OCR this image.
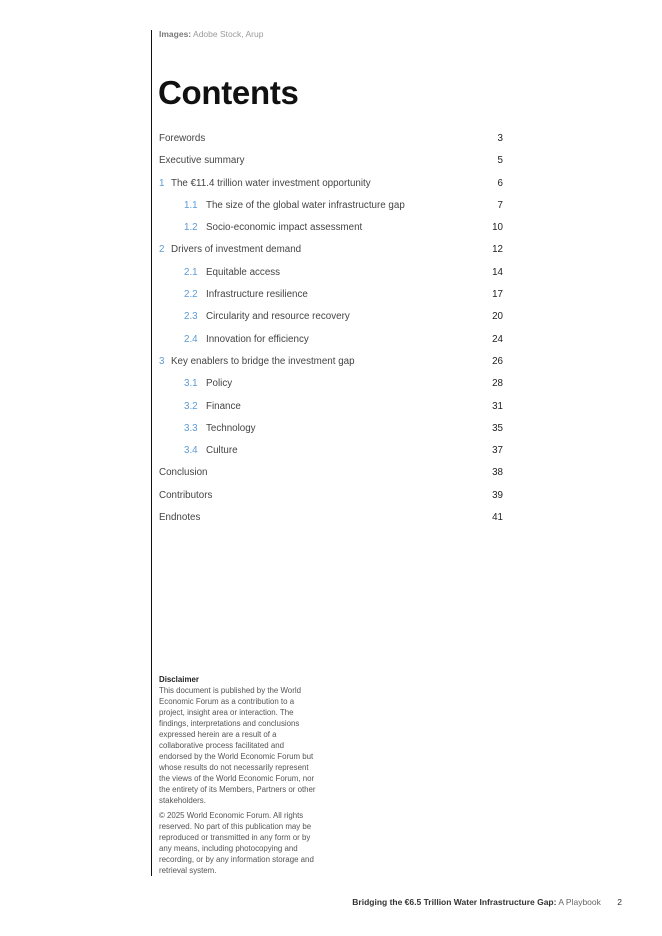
Images: Adobe Stock, Arup
Contents
Forewords	3
Executive summary	5
1 The €11.4 trillion water investment opportunity	6
1.1 The size of the global water infrastructure gap	7
1.2 Socio-economic impact assessment	10
2 Drivers of investment demand	12
2.1 Equitable access	14
2.2 Infrastructure resilience	17
2.3 Circularity and resource recovery	20
2.4 Innovation for efficiency	24
3 Key enablers to bridge the investment gap	26
3.1 Policy	28
3.2 Finance	31
3.3 Technology	35
3.4 Culture	37
Conclusion	38
Contributors	39
Endnotes	41
Disclaimer

This document is published by the World Economic Forum as a contribution to a project, insight area or interaction. The findings, interpretations and conclusions expressed herein are a result of a collaborative process facilitated and endorsed by the World Economic Forum but whose results do not necessarily represent the views of the World Economic Forum, nor the entirety of its Members, Partners or other stakeholders.

© 2025 World Economic Forum. All rights reserved. No part of this publication may be reproduced or transmitted in any form or by any means, including photocopying and recording, or by any information storage and retrieval system.

Bridging the €6.5 Trillion Water Infrastructure Gap: A Playbook 2
